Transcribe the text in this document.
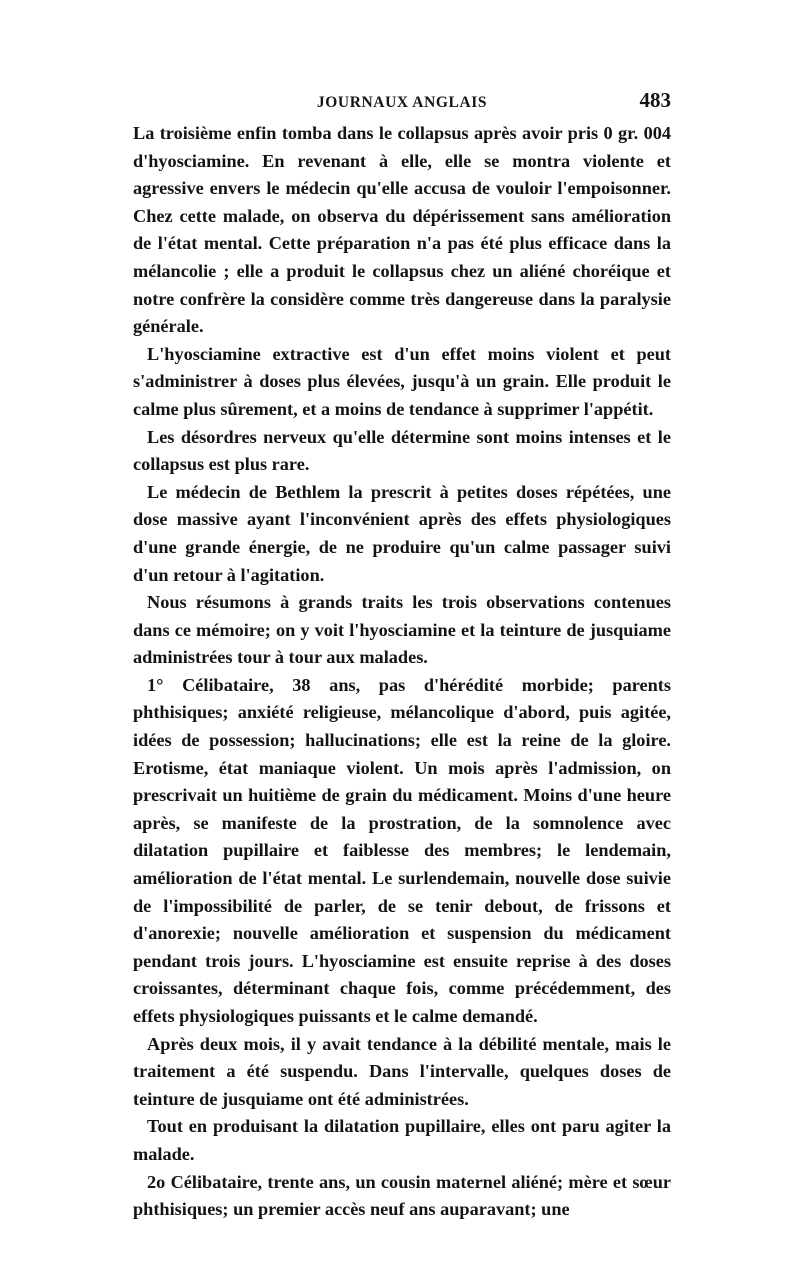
JOURNAUX ANGLAIS	483

La troisième enfin tomba dans le collapsus après avoir pris 0 gr. 004 d'hyosciamine. En revenant à elle, elle se montra violente et agressive envers le médecin qu'elle accusa de vouloir l'empoisonner. Chez cette malade, on observa du dépérissement sans amélioration de l'état mental. Cette préparation n'a pas été plus efficace dans la mélancolie ; elle a produit le collapsus chez un aliéné choréique et notre confrère la considère comme très dangereuse dans la paralysie générale.

L'hyosciamine extractive est d'un effet moins violent et peut s'administrer à doses plus élevées, jusqu'à un grain. Elle produit le calme plus sûrement, et a moins de tendance à supprimer l'appétit.

Les désordres nerveux qu'elle détermine sont moins intenses et le collapsus est plus rare.

Le médecin de Bethlem la prescrit à petites doses répétées, une dose massive ayant l'inconvénient après des effets physiologiques d'une grande énergie, de ne produire qu'un calme passager suivi d'un retour à l'agitation.

Nous résumons à grands traits les trois observations contenues dans ce mémoire; on y voit l'hyosciamine et la teinture de jusquiame administrées tour à tour aux malades.

1° Célibataire, 38 ans, pas d'hérédité morbide; parents phthisiques; anxiété religieuse, mélancolique d'abord, puis agitée, idées de possession; hallucinations; elle est la reine de la gloire. Erotisme, état maniaque violent. Un mois après l'admission, on prescrivait un huitième de grain du médicament. Moins d'une heure après, se manifeste de la prostration, de la somnolence avec dilatation pupillaire et faiblesse des membres; le lendemain, amélioration de l'état mental. Le surlendemain, nouvelle dose suivie de l'impossibilité de parler, de se tenir debout, de frissons et d'anorexie; nouvelle amélioration et suspension du médicament pendant trois jours. L'hyosciamine est ensuite reprise à des doses croissantes, déterminant chaque fois, comme précédemment, des effets physiologiques puissants et le calme demandé.

Après deux mois, il y avait tendance à la débilité mentale, mais le traitement a été suspendu. Dans l'intervalle, quelques doses de teinture de jusquiame ont été administrées.

Tout en produisant la dilatation pupillaire, elles ont paru agiter la malade.

2o Célibataire, trente ans, un cousin maternel aliéné; mère et sœur phthisiques; un premier accès neuf ans auparavant; une
